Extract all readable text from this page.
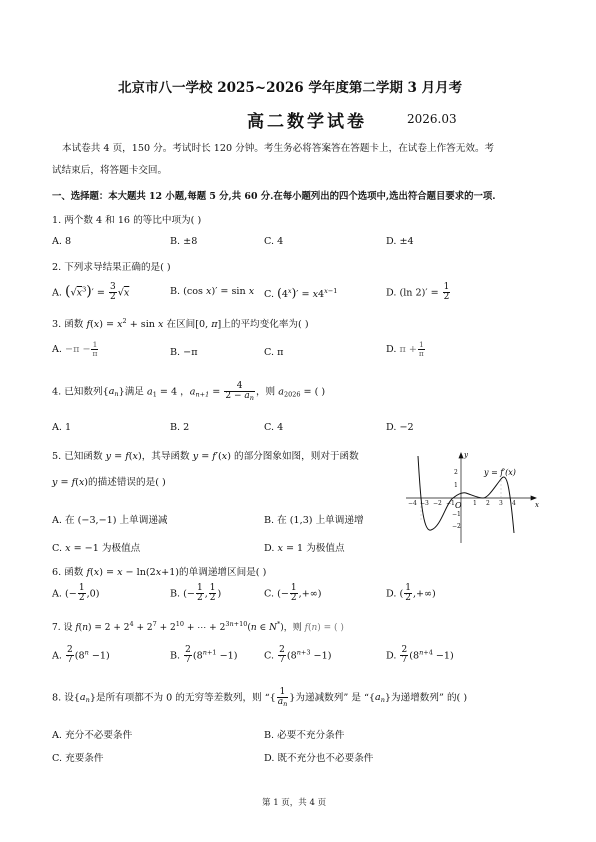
北京市八一学校 2025~2026 学年度第二学期 3 月月考
高二数学试卷	2026.03
本试卷共 4 页，150 分。考试时长 120 分钟。考生务必将答案答在答题卡上，在试卷上作答无效。考
试结束后，将答题卡交回。
一、选择题：本大题共 12 小题,每题 5 分,共 60 分.在每小题列出的四个选项中,选出符合题目要求的一项.
1. 两个数 4 和 16 的等比中项为( )
A. 8	B. ±8	C. 4	D. ±4
2. 下列求导结果正确的是( )
A. $(√x^3)' = \frac{3}{2} √x$	B. (cos x)′ = sin x C. $(4^x)' = x4^{x-1}$	D. (ln $2)' = \frac{1}{2}$
3. 函数 $f(x) = x^2 + \sin x$ 在区间[0, π]上的平均变化率为( )
A. $-\pi - \frac{1}{\pi}$	B. −π	C. π	D. $\pi + \frac{1}{\pi}$
4. 已知数列$\{a_n\}$满足 $a_1 = 4$ ，$a_{n+1} = \frac{4}{2 - a_n}$ ，则 $a_{2026}$ = ( )
A. 1	B. 2	C. 4	D. −2
5. 已知函数 y = f(x)，其导函数 y = f′(x) 的部分图象如图，则对于函数
y = f(x)的描述错误的是( )
A. 在 (−3,−1) 上单调递减	B. 在 (1,3) 上单调递增
C. x = −1 为极值点	D. x = 1 为极值点
y = f′(x)
y
x
O
−4 −3 −2 −1	1 2 3 4
2
1
−1
−2
6. 函数 f(x) = x − ln(2x+1)的单调递增区间是( )
A. (− $\frac{1}{2} ,0$)	B. (− $\frac{1}{2}$ , $\frac{1}{2}$ )	C. (− $\frac{1}{2}$ ,+∞)	D. ( $\frac{1}{2}$ ,+∞)
7. 设 $f(n) = 2 + 2^4 + 2^7 + 2^{10}$ + ⋯ + $2^{3n+10}(n$ ∈ N*)，则 f(n) = ( )
A. $\frac{2}{7} (8^n -1)$	B. $\frac{2}{7} (8^{n+1} -1)$	C. $\frac{2}{7} (8^{n+3} -1)$	D. $\frac{2}{7} (8^{n+4} -1)$
8. 设$\{a_n\}$是所有项都不为 0 的无穷等差数列，则 “{ $\frac{1}{a_n}$ }为递减数列” 是 “$\{a_n\}$为递增数列” 的( )
A. 充分不必要条件	B. 必要不充分条件
C. 充要条件	D. 既不充分也不必要条件
第 1 页，共 4 页
